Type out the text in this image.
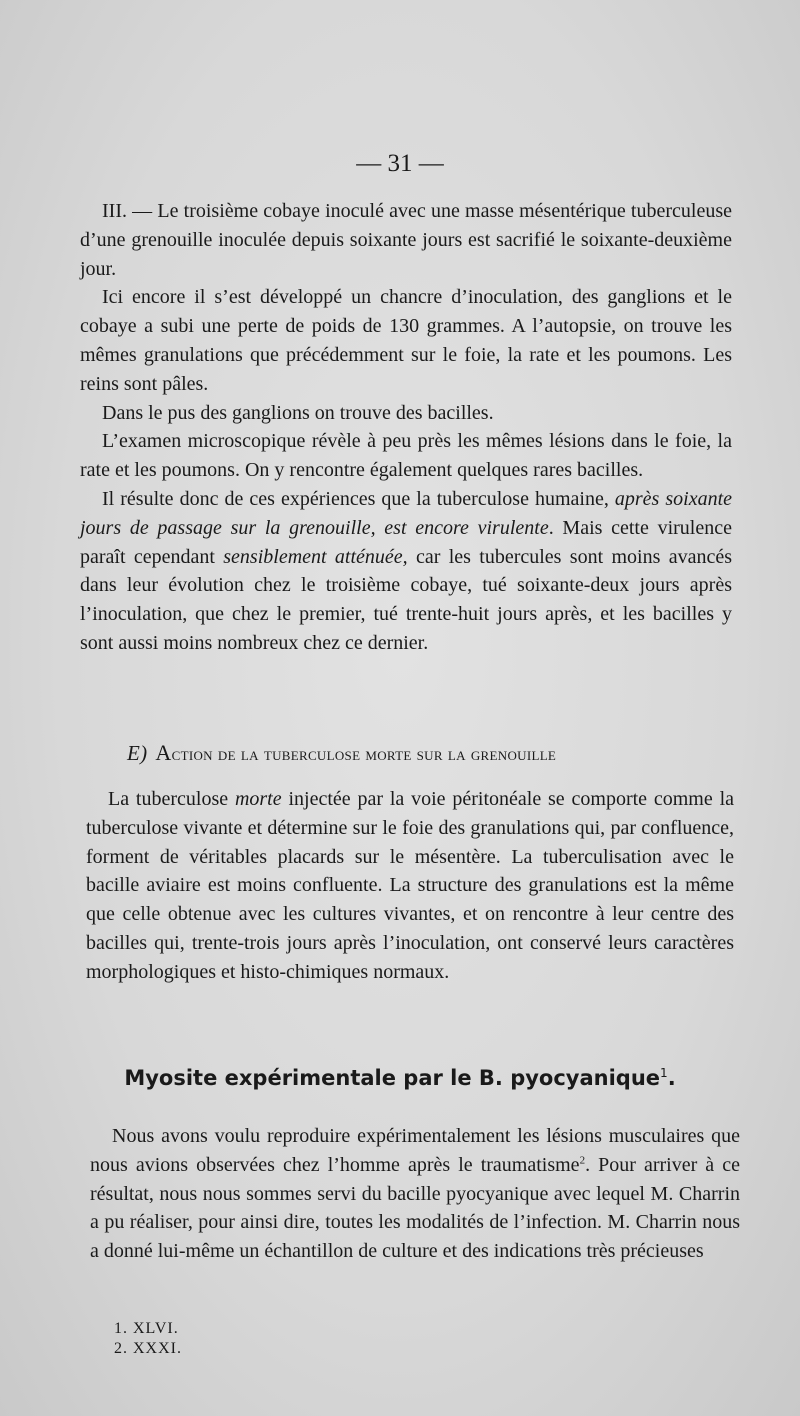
— 31 —

III. — Le troisième cobaye inoculé avec une masse mésentérique tuberculeuse d’une grenouille inoculée depuis soixante jours est sacrifié le soixante-deuxième jour.

Ici encore il s’est développé un chancre d’inoculation, des ganglions et le cobaye a subi une perte de poids de 130 grammes. A l’autopsie, on trouve les mêmes granulations que précédemment sur le foie, la rate et les poumons. Les reins sont pâles.

Dans le pus des ganglions on trouve des bacilles.

L’examen microscopique révèle à peu près les mêmes lésions dans le foie, la rate et les poumons. On y rencontre également quelques rares bacilles.

Il résulte donc de ces expériences que la tuberculose humaine, après soixante jours de passage sur la grenouille, est encore virulente. Mais cette virulence paraît cependant sensiblement atténuée, car les tubercules sont moins avancés dans leur évolution chez le troisième cobaye, tué soixante-deux jours après l’inoculation, que chez le premier, tué trente-huit jours après, et les bacilles y sont aussi moins nombreux chez ce dernier.

E) Action de la tuberculose morte sur la grenouille

La tuberculose morte injectée par la voie péritonéale se comporte comme la tuberculose vivante et détermine sur le foie des granulations qui, par confluence, forment de véritables placards sur le mésentère. La tuberculisation avec le bacille aviaire est moins confluente. La structure des granulations est la même que celle obtenue avec les cultures vivantes, et on rencontre à leur centre des bacilles qui, trente-trois jours après l’inoculation, ont conservé leurs caractères morphologiques et histo-chimiques normaux.

Myosite expérimentale par le B. pyocyanique$^1$.

Nous avons voulu reproduire expérimentalement les lésions musculaires que nous avions observées chez l’homme après le traumatisme$^2$. Pour arriver à ce résultat, nous nous sommes servi du bacille pyocyanique avec lequel M. Charrin a pu réaliser, pour ainsi dire, toutes les modalités de l’infection. M. Charrin nous a donné lui-même un échantillon de culture et des indications très précieuses

1. XLVI.
2. XXXI.
